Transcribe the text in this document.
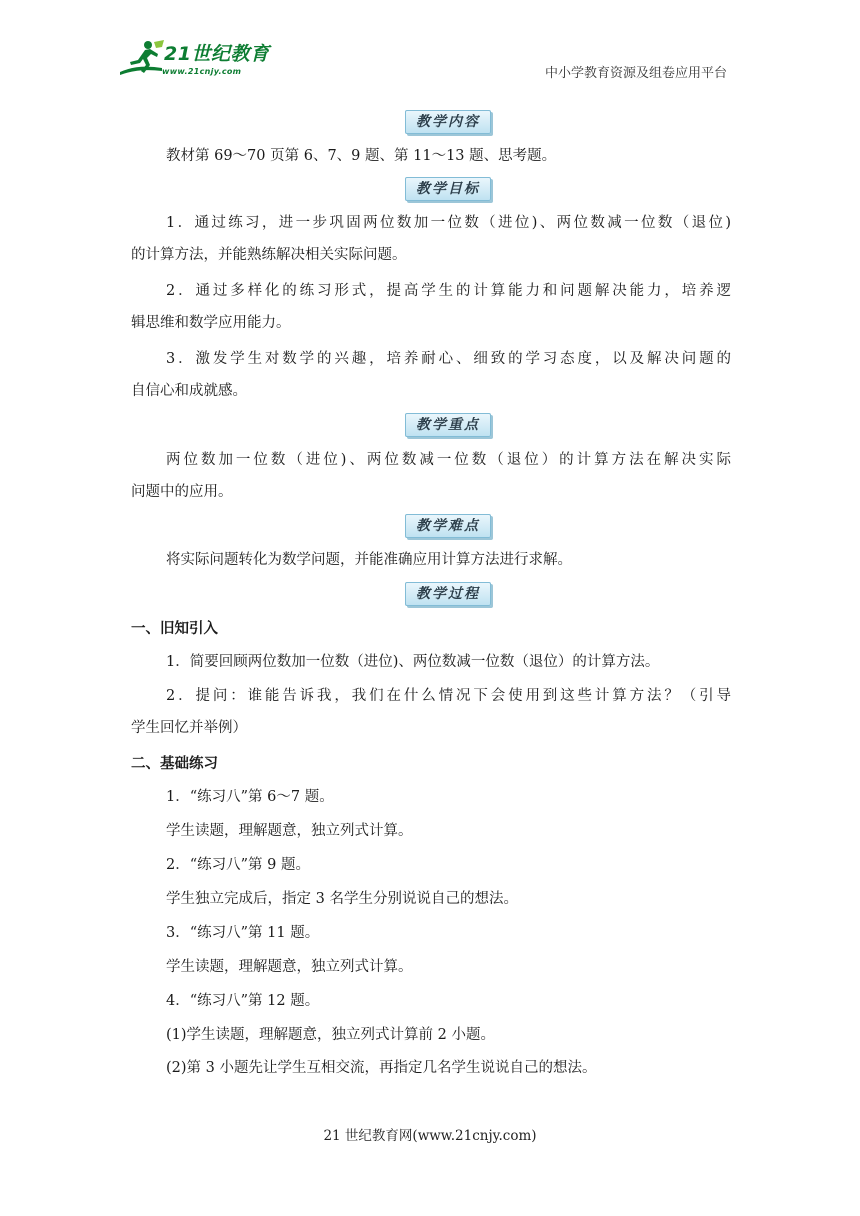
21世纪教育
www.21cnjy.com	中小学教育资源及组卷应用平台
教学内容
教材第 69～70 页第 6、7、9 题、第 11～13 题、思考题。
教学目标
1．通过练习，进一步巩固两位数加一位数（进位)、两位数减一位数（退位)
的计算方法，并能熟练解决相关实际问题。
2．通过多样化的练习形式，提高学生的计算能力和问题解决能力，培养逻
辑思维和数学应用能力。
3．激发学生对数学的兴趣，培养耐心、细致的学习态度，以及解决问题的
自信心和成就感。
教学重点
两位数加一位数（进位)、两位数减一位数（退位）的计算方法在解决实际
问题中的应用。
教学难点
将实际问题转化为数学问题，并能准确应用计算方法进行求解。
教学过程
一、旧知引入
1．简要回顾两位数加一位数（进位)、两位数减一位数（退位）的计算方法。
2．提问：谁能告诉我，我们在什么情况下会使用到这些计算方法？（引导
学生回忆并举例）
二、基础练习
1．“练习八”第 6～7 题。
学生读题，理解题意，独立列式计算。
2．“练习八”第 9 题。
学生独立完成后，指定 3 名学生分别说说自己的想法。
3．“练习八”第 11 题。
学生读题，理解题意，独立列式计算。
4．“练习八”第 12 题。
(1)学生读题，理解题意，独立列式计算前 2 小题。
(2)第 3 小题先让学生互相交流，再指定几名学生说说自己的想法。
21 世纪教育网(www.21cnjy.com)
